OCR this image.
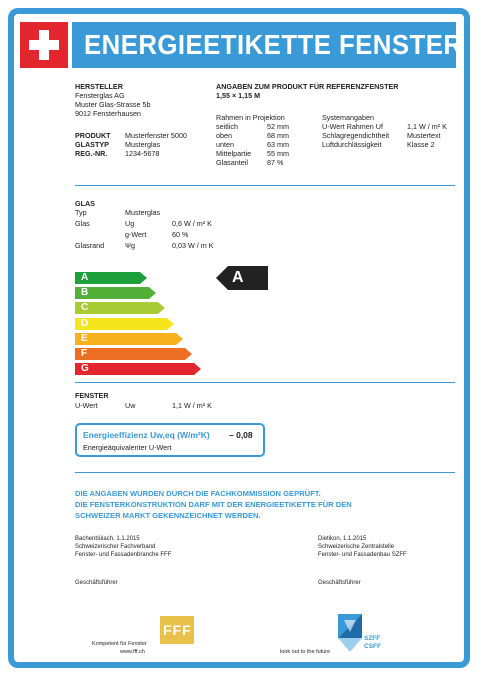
ENERGIEETIKETTE FENSTER
HERSTELLER
Fensterglas AG
Muster Glas-Strasse 5b
9012 Fensterhausen
PRODUKT Musterfenster 5000
GLASTYP Musterglas
REG.-NR. 1234-5678
ANGABEN ZUM PRODUKT FÜR REFERENZFENSTER
1,55 × 1,15 M
Rahmen in Projektion
seitlich	52 mm
oben	68 mm
unten	63 mm
Mittelpartie 55 mm
Glasanteil	87 %
Systemangaben
U-Wert Rahmen Uf	1,1 W / m² K
Schlagregendichtheit Mustertext
Luftdurchlässigkeit	Klasse 2
GLAS
Typ	Musterglas
Glas	Ug	0,6 W / m² K
g-Wert	60 %
Glasrand	Ψg	0,03 W / m K
A
B
C
D
E
F
G
A
FENSTER
U-Wert	Uw	1,1 W / m² K
Energieeffizienz Uw,eq (W/m²K) – 0,08
Energieäquivalenter U-Wert
DIE ANGABEN WURDEN DURCH DIE FACHKOMMISSION GEPRÜFT.
DIE FENSTERKONSTRUKTION DARF MIT DER ENERGIEETIKETTE FÜR DEN
SCHWEIZER MARKT GEKENNZEICHNET WERDEN.
Bachenbülach, 1.1.2015
Schweizerischer Fachverband
Fenster- und Fassadenbranche FFF
Geschäftsführer
Dietikon, 1.1.2015
Schweizerische Zentralstelle
Fenster- und Fassadenbau SZFF
Geschäftsführer
Kompetent für Fenster
www.fff.ch
FFF
look out to the future
SZFF
CSFF
